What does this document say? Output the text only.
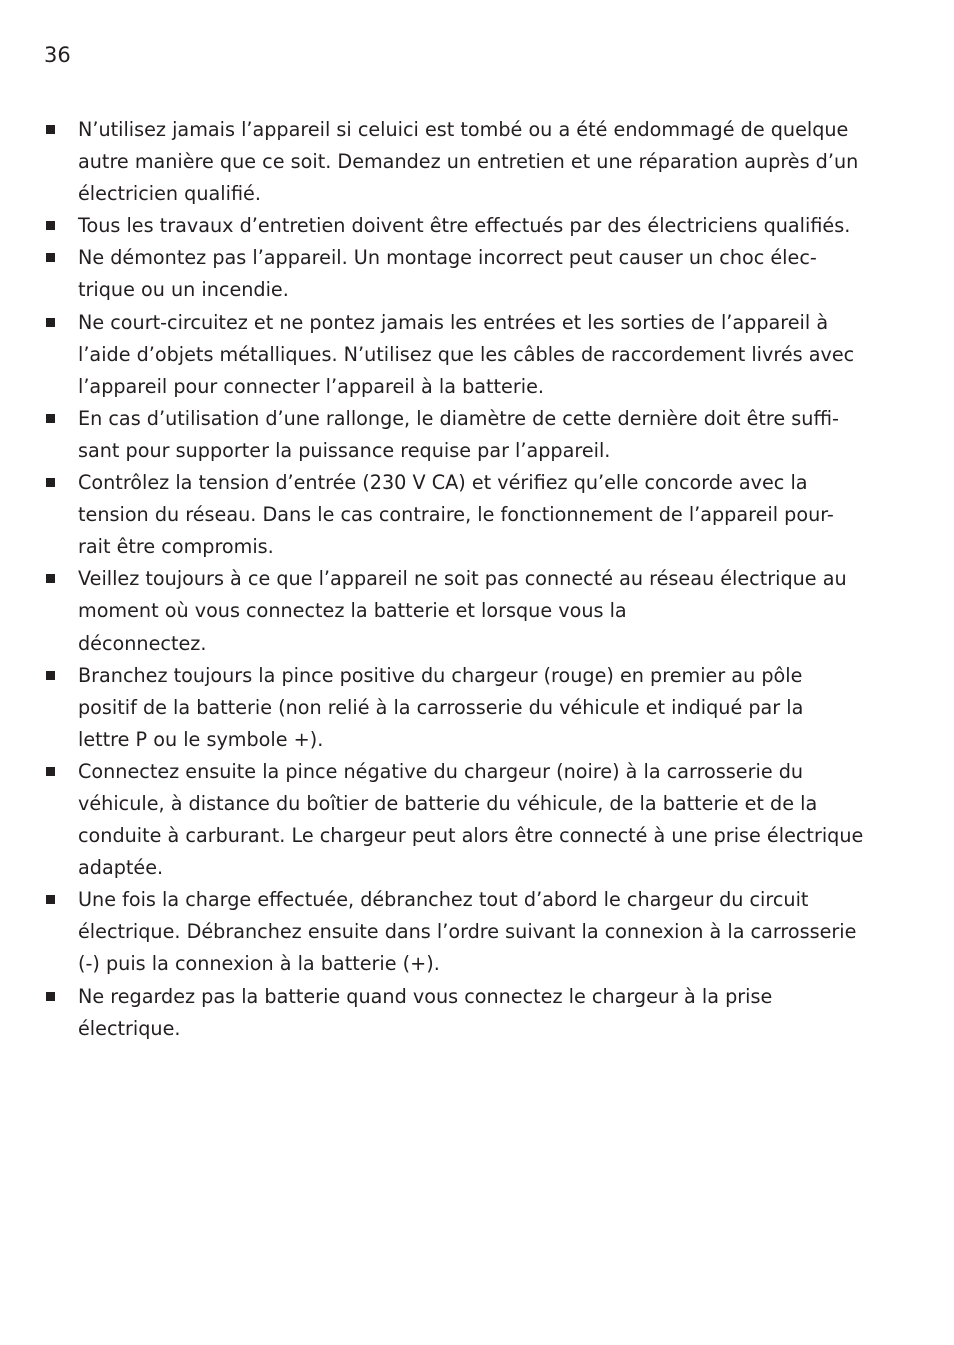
36
N’utilisez jamais l’appareil si celuici est tombé ou a été endommagé de quelque
autre manière que ce soit. Demandez un entretien et une réparation auprès d’un
électricien qualifié.
Tous les travaux d’entretien doivent être effectués par des électriciens qualifiés.
Ne démontez pas l’appareil. Un montage incorrect peut causer un choc élec-
trique ou un incendie.
Ne court-circuitez et ne pontez jamais les entrées et les sorties de l’appareil à
l’aide d’objets métalliques. N’utilisez que les câbles de raccordement livrés avec
l’appareil pour connecter l’appareil à la batterie.
En cas d’utilisation d’une rallonge, le diamètre de cette dernière doit être suffi-
sant pour supporter la puissance requise par l’appareil.
Contrôlez la tension d’entrée (230 V CA) et vérifiez qu’elle concorde avec la
tension du réseau. Dans le cas contraire, le fonctionnement de l’appareil pour-
rait être compromis.
Veillez toujours à ce que l’appareil ne soit pas connecté au réseau électrique au
moment où vous connectez la batterie et lorsque vous la
déconnectez.
Branchez toujours la pince positive du chargeur (rouge) en premier au pôle
positif de la batterie (non relié à la carrosserie du véhicule et indiqué par la
lettre P ou le symbole +).
Connectez ensuite la pince négative du chargeur (noire) à la carrosserie du
véhicule, à distance du boîtier de batterie du véhicule, de la batterie et de la
conduite à carburant. Le chargeur peut alors être connecté à une prise électrique
adaptée.
Une fois la charge effectuée, débranchez tout d’abord le chargeur du circuit
électrique. Débranchez ensuite dans l’ordre suivant la connexion à la carrosserie
(-) puis la connexion à la batterie (+).
Ne regardez pas la batterie quand vous connectez le chargeur à la prise
électrique.
